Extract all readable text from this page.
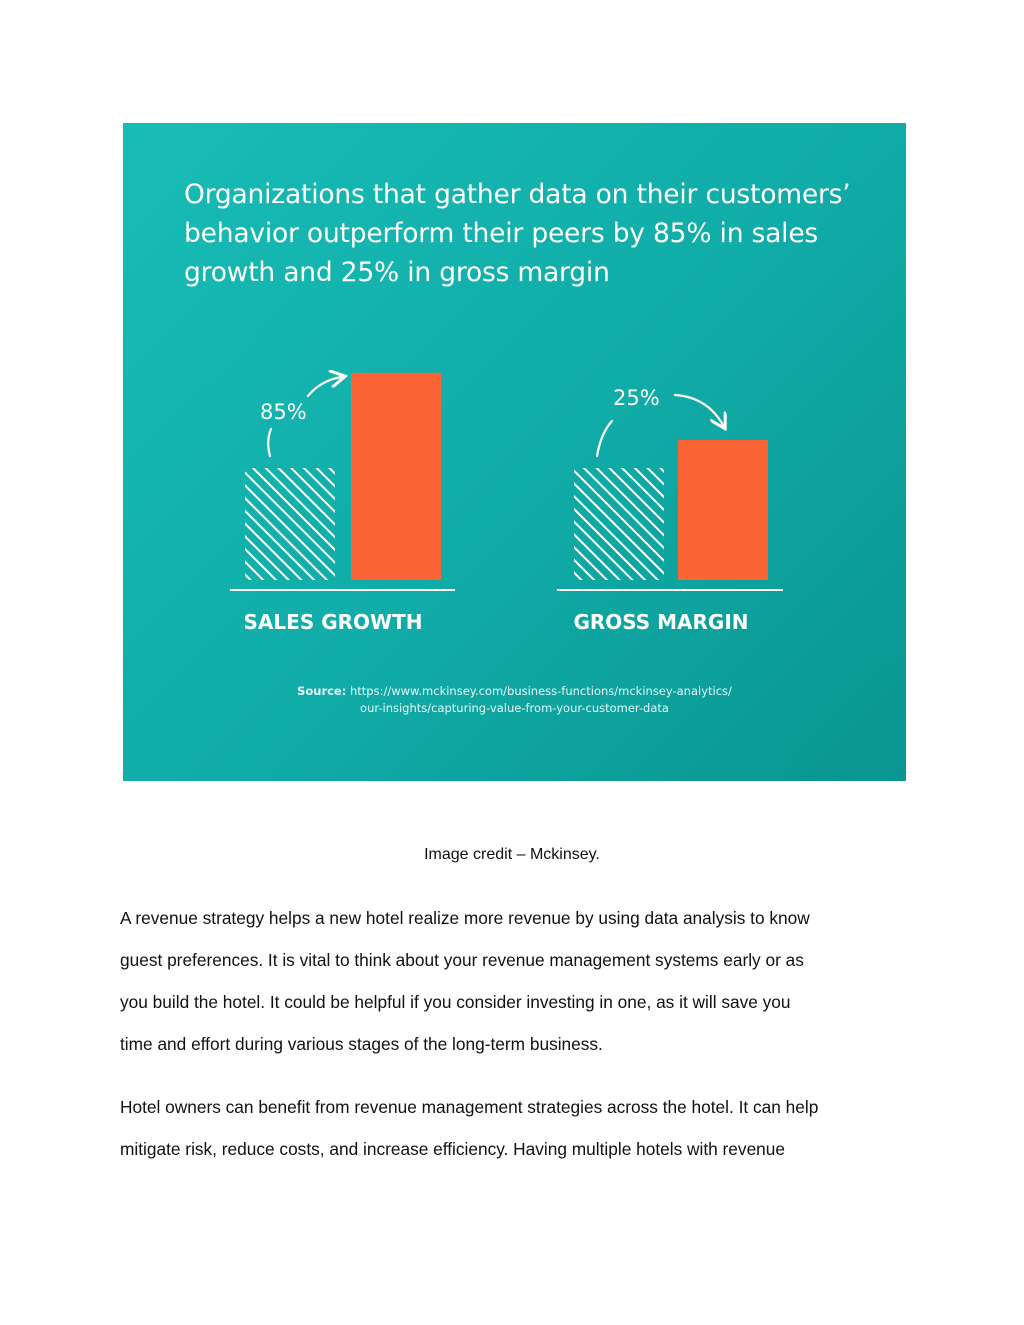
Organizations that gather data on their customers’ behavior outperform their peers by 85% in sales growth and 25% in gross margin
SALES GROWTH
85%
GROSS MARGIN
25%
Source: https://www.mckinsey.com/business-functions/mckinsey-analytics/
our-insights/capturing-value-from-your-customer-data
Image credit – Mckinsey.

A revenue strategy helps a new hotel realize more revenue by using data analysis to know
guest preferences. It is vital to think about your revenue management systems early or as
you build the hotel. It could be helpful if you consider investing in one, as it will save you
time and effort during various stages of the long-term business.

Hotel owners can benefit from revenue management strategies across the hotel. It can help
mitigate risk, reduce costs, and increase efficiency. Having multiple hotels with revenue
